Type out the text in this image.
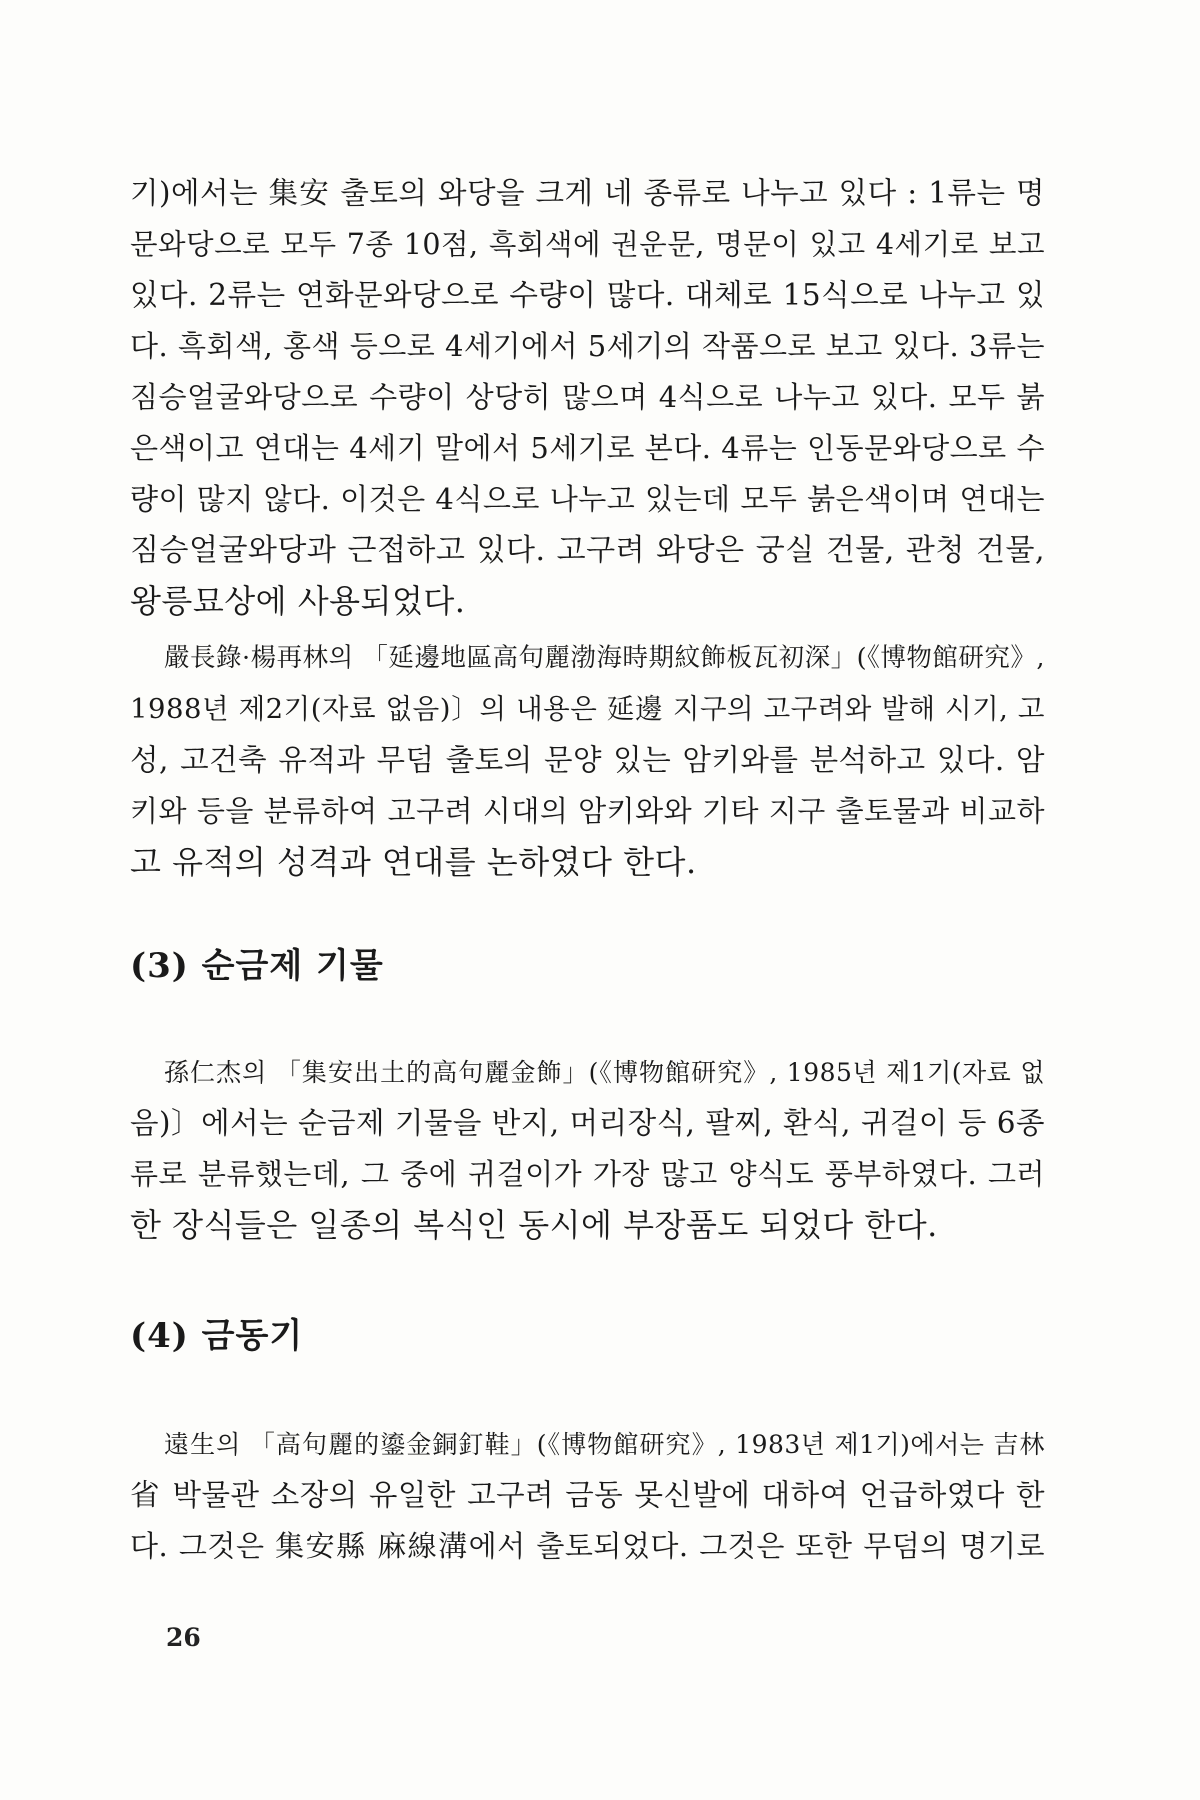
기)에서는 集安 출토의 와당을 크게 네 종류로 나누고 있다 : 1류는 명
문와당으로 모두 7종 10점, 흑회색에 권운문, 명문이 있고 4세기로 보고
있다. 2류는 연화문와당으로 수량이 많다. 대체로 15식으로 나누고 있
다. 흑회색, 홍색 등으로 4세기에서 5세기의 작품으로 보고 있다. 3류는
짐승얼굴와당으로 수량이 상당히 많으며 4식으로 나누고 있다. 모두 붉
은색이고 연대는 4세기 말에서 5세기로 본다. 4류는 인동문와당으로 수
량이 많지 않다. 이것은 4식으로 나누고 있는데 모두 붉은색이며 연대는
짐승얼굴와당과 근접하고 있다. 고구려 와당은 궁실 건물, 관청 건물,
왕릉묘상에 사용되었다.
嚴長錄·楊再林의 「延邊地區高句麗渤海時期紋飾板瓦初深」(《博物館研究》,
1988년 제2기(자료 없음)〕의 내용은 延邊 지구의 고구려와 발해 시기, 고
성, 고건축 유적과 무덤 출토의 문양 있는 암키와를 분석하고 있다. 암
키와 등을 분류하여 고구려 시대의 암키와와 기타 지구 출토물과 비교하
고 유적의 성격과 연대를 논하였다 한다.
(3) 순금제 기물
孫仁杰의 「集安出土的高句麗金飾」(《博物館研究》, 1985년 제1기(자료 없
음)〕에서는 순금제 기물을 반지, 머리장식, 팔찌, 환식, 귀걸이 등 6종
류로 분류했는데, 그 중에 귀걸이가 가장 많고 양식도 풍부하였다. 그러
한 장식들은 일종의 복식인 동시에 부장품도 되었다 한다.
(4) 금동기
遠生의 「高句麗的鎏金銅釘鞋」(《博物館研究》, 1983년 제1기)에서는 吉林
省 박물관 소장의 유일한 고구려 금동 못신발에 대하여 언급하였다 한
다. 그것은 集安縣 麻線溝에서 출토되었다. 그것은 또한 무덤의 명기로
26
